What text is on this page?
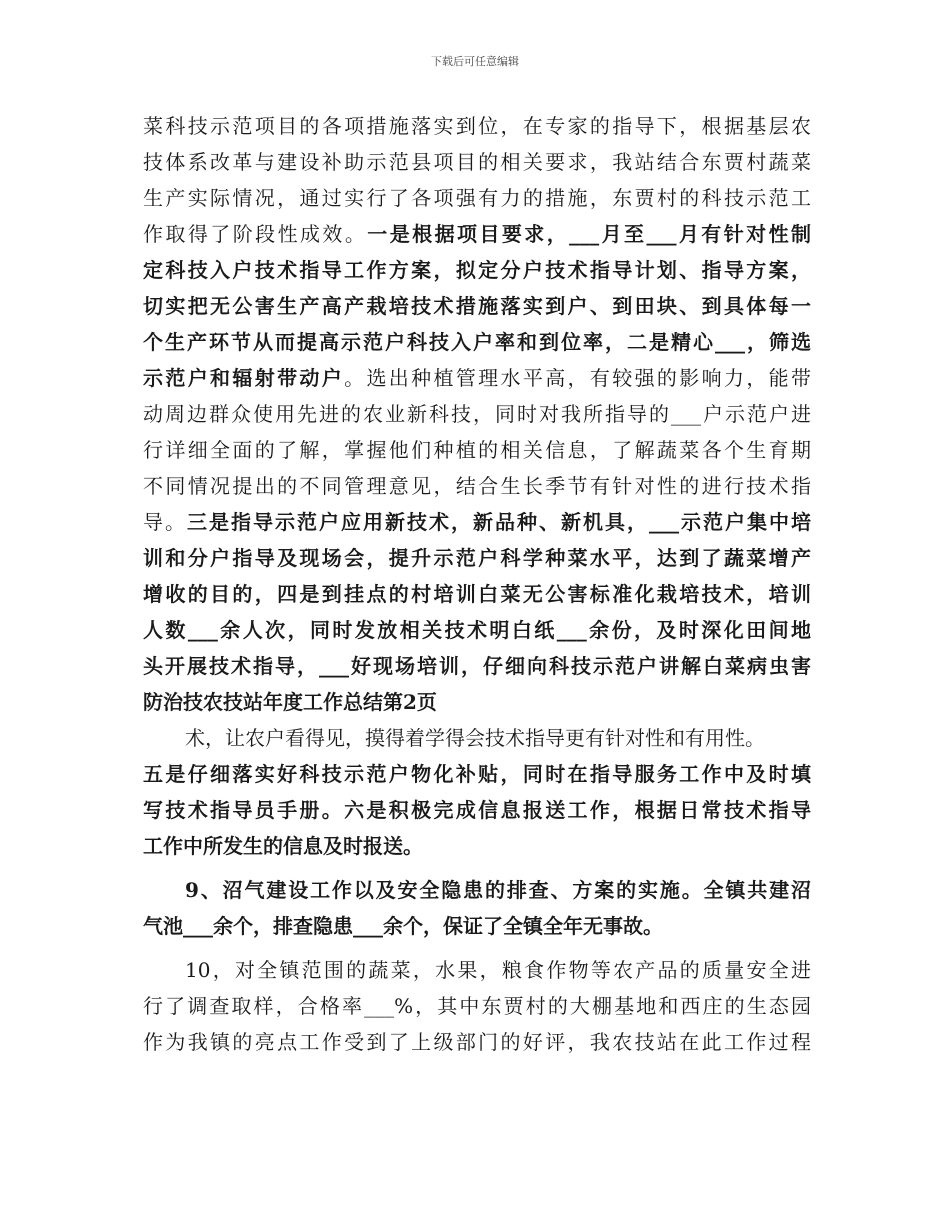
下载后可任意编辑
菜科技示范项目的各项措施落实到位，在专家的指导下，根据基层农
技体系改革与建设补助示范县项目的相关要求，我站结合东贾村蔬菜
生产实际情况，通过实行了各项强有力的措施，东贾村的科技示范工
作取得了阶段性成效。一是根据项目要求，___月至___月有针对性制
定科技入户技术指导工作方案，拟定分户技术指导计划、指导方案，
切实把无公害生产高产栽培技术措施落实到户、到田块、到具体每一
个生产环节从而提高示范户科技入户率和到位率，二是精心___，筛选
示范户和辐射带动户。选出种植管理水平高，有较强的影响力，能带
动周边群众使用先进的农业新科技，同时对我所指导的___户示范户进
行详细全面的了解，掌握他们种植的相关信息，了解蔬菜各个生育期
不同情况提出的不同管理意见，结合生长季节有针对性的进行技术指
导。三是指导示范户应用新技术，新品种、新机具，___示范户集中培
训和分户指导及现场会，提升示范户科学种菜水平，达到了蔬菜增产
增收的目的，四是到挂点的村培训白菜无公害标准化栽培技术，培训
人数___余人次，同时发放相关技术明白纸___余份，及时深化田间地
头开展技术指导，___好现场培训，仔细向科技示范户讲解白菜病虫害
防治技农技站年度工作总结第2页
术，让农户看得见，摸得着学得会技术指导更有针对性和有用性。
五是仔细落实好科技示范户物化补贴，同时在指导服务工作中及时填
写技术指导员手册。六是积极完成信息报送工作，根据日常技术指导
工作中所发生的信息及时报送。
9、沼气建设工作以及安全隐患的排查、方案的实施。全镇共建沼
气池___余个，排查隐患___余个，保证了全镇全年无事故。
10，对全镇范围的蔬菜，水果，粮食作物等农产品的质量安全进
行了调查取样，合格率___%，其中东贾村的大棚基地和西庄的生态园
作为我镇的亮点工作受到了上级部门的好评，我农技站在此工作过程
